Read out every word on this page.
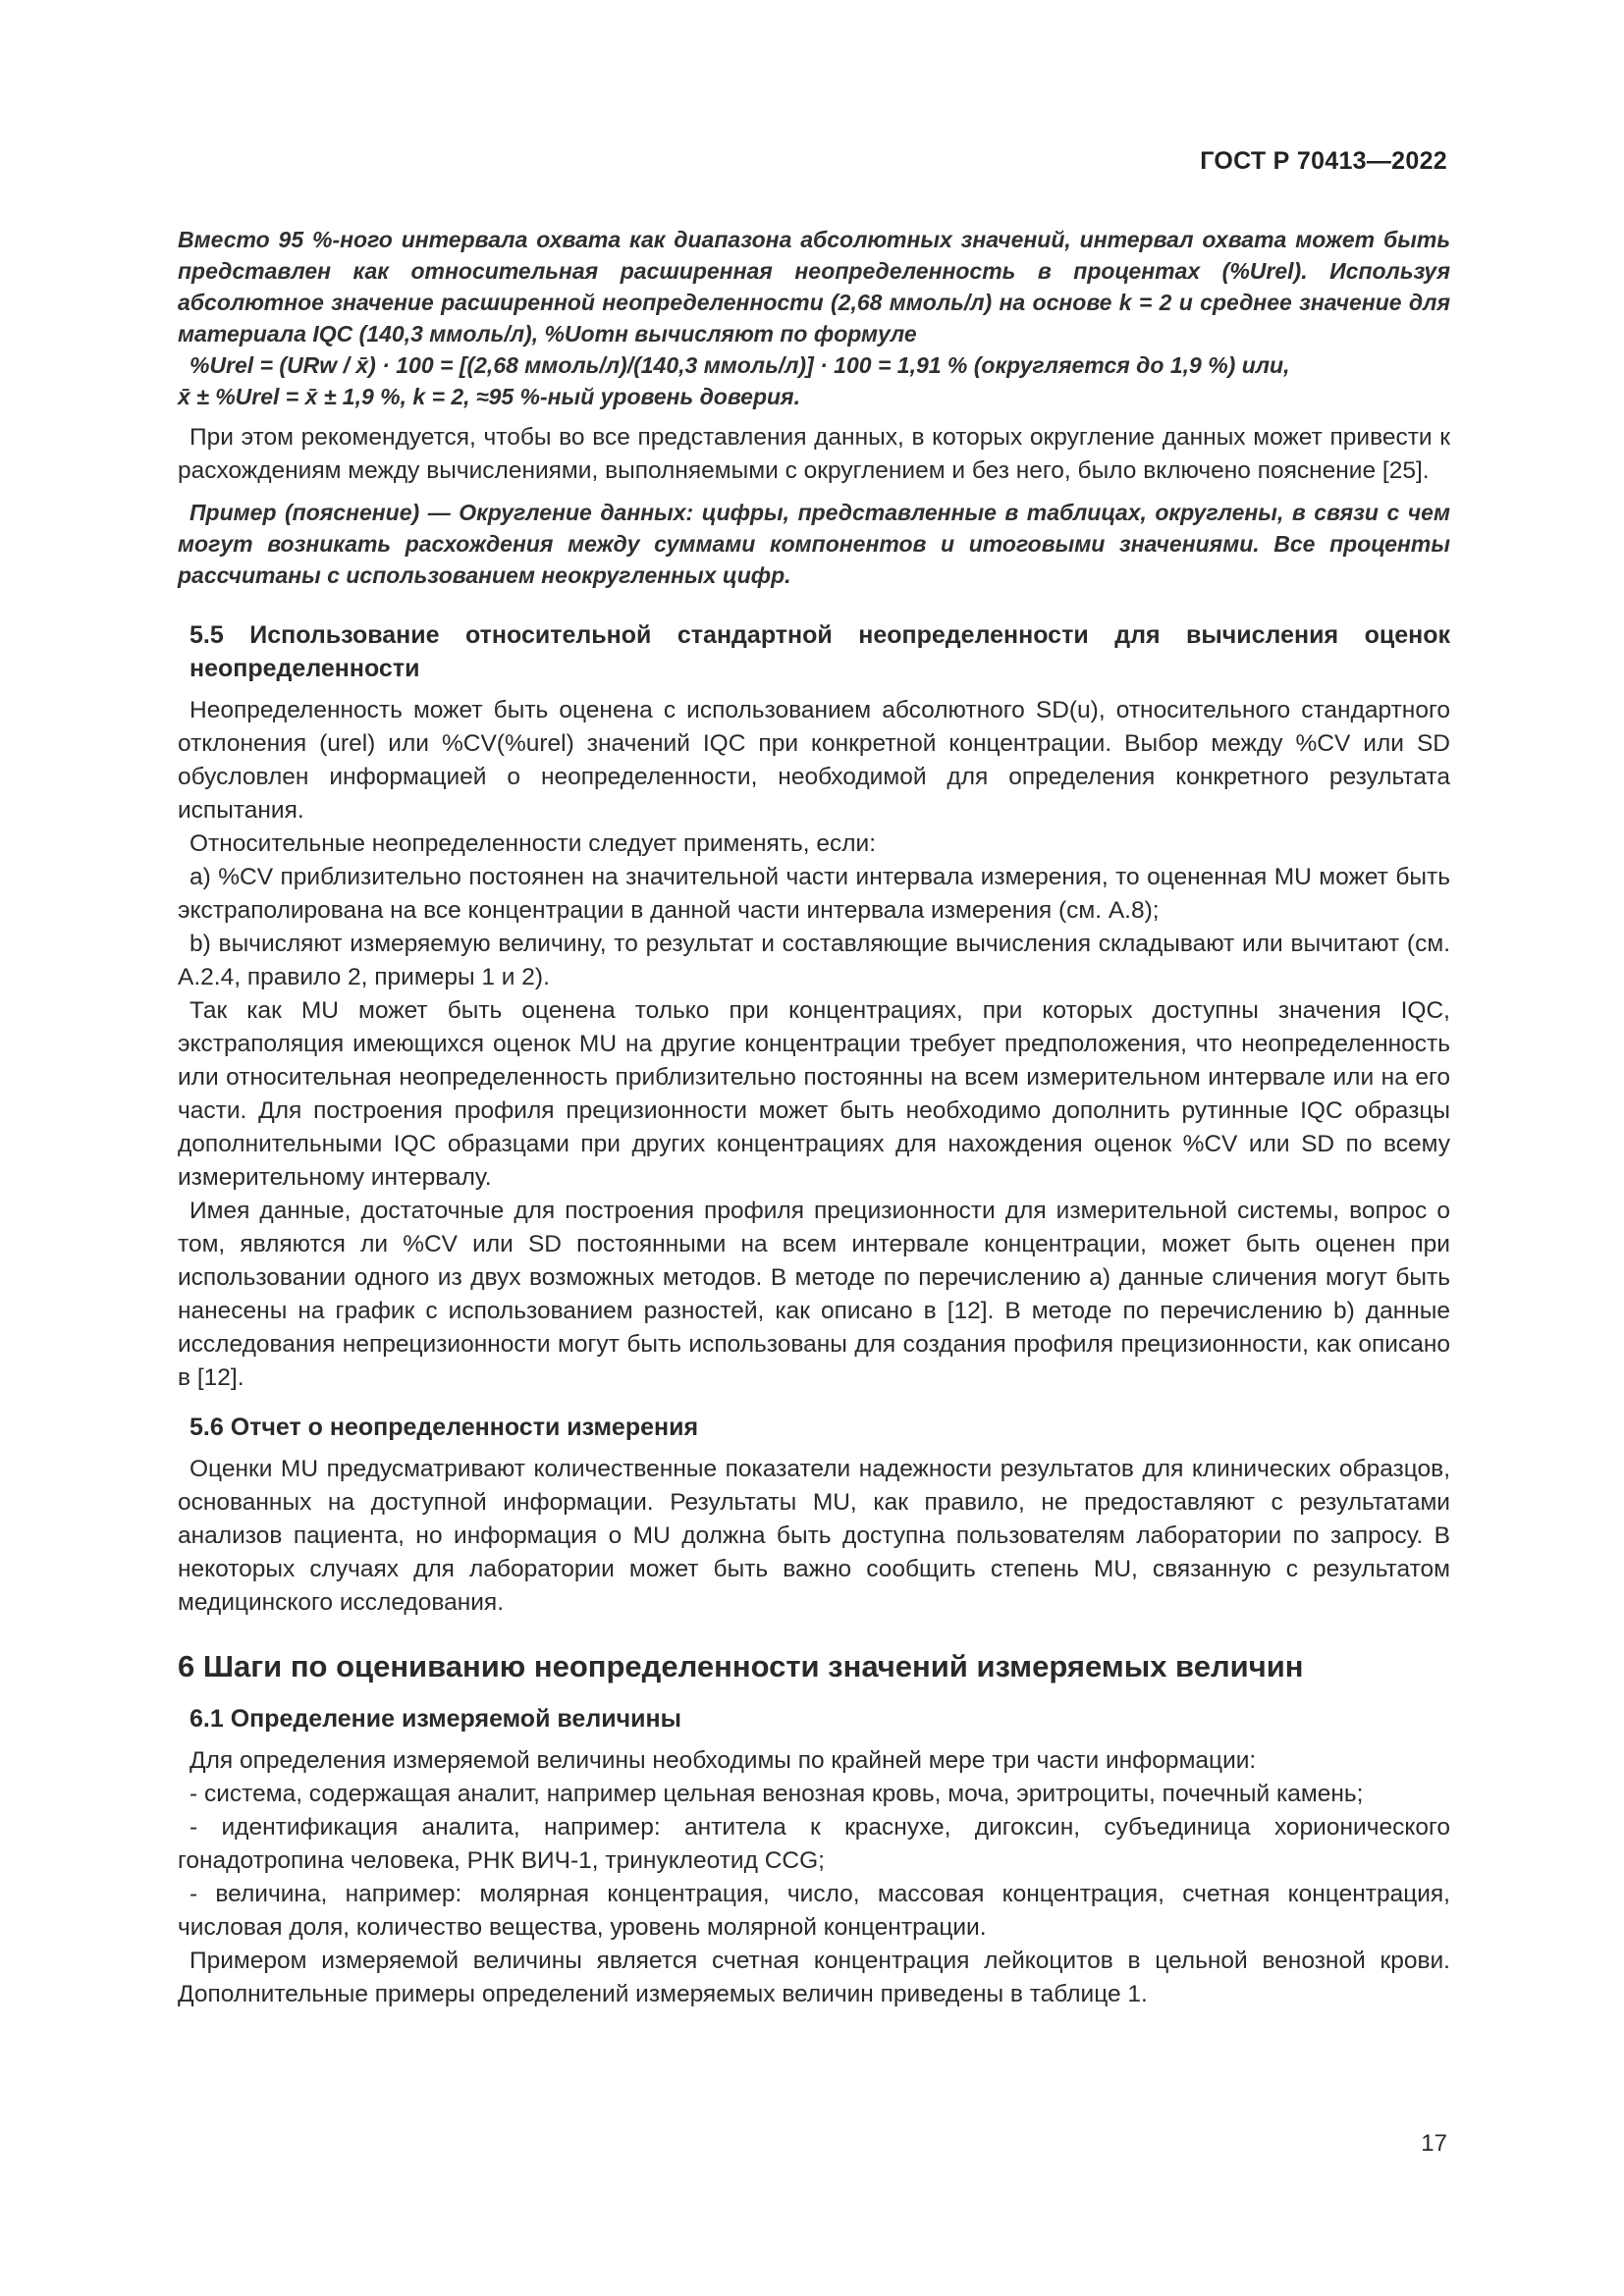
ГОСТ Р 70413—2022

Вместо 95 %-ного интервала охвата как диапазона абсолютных значений, интервал охвата может быть представлен как относительная расширенная неопределенность в процентах (%Urel). Используя абсолютное значение расширенной неопределенности (2,68 ммоль/л) на основе k = 2 и среднее значение для материала IQC (140,3 ммоль/л), %Uотн вычисляют по формуле

%Urel = (URw / x̄) · 100 = [(2,68 ммоль/л)/(140,3 ммоль/л)] · 100 = 1,91 % (округляется до 1,9 %) или,

x̄ ± %Urel = x̄ ± 1,9 %, k = 2, ≈95 %-ный уровень доверия.

При этом рекомендуется, чтобы во все представления данных, в которых округление данных может привести к расхождениям между вычислениями, выполняемыми с округлением и без него, было включено пояснение [25].

Пример (пояснение) — Округление данных: цифры, представленные в таблицах, округлены, в связи с чем могут возникать расхождения между суммами компонентов и итоговыми значениями. Все проценты рассчитаны с использованием неокругленных цифр.

5.5 Использование относительной стандартной неопределенности для вычисления оценок неопределенности

Неопределенность может быть оценена с использованием абсолютного SD(u), относительного стандартного отклонения (urel) или %CV(%urel) значений IQC при конкретной концентрации. Выбор между %CV или SD обусловлен информацией о неопределенности, необходимой для определения конкретного результата испытания.

Относительные неопределенности следует применять, если:

a) %CV приблизительно постоянен на значительной части интервала измерения, то оцененная MU может быть экстраполирована на все концентрации в данной части интервала измерения (см. А.8);

b) вычисляют измеряемую величину, то результат и составляющие вычисления складывают или вычитают (см. А.2.4, правило 2, примеры 1 и 2).

Так как MU может быть оценена только при концентрациях, при которых доступны значения IQC, экстраполяция имеющихся оценок MU на другие концентрации требует предположения, что неопределенность или относительная неопределенность приблизительно постоянны на всем измерительном интервале или на его части. Для построения профиля прецизионности может быть необходимо дополнить рутинные IQC образцы дополнительными IQC образцами при других концентрациях для нахождения оценок %CV или SD по всему измерительному интервалу.

Имея данные, достаточные для построения профиля прецизионности для измерительной системы, вопрос о том, являются ли %CV или SD постоянными на всем интервале концентрации, может быть оценен при использовании одного из двух возможных методов. В методе по перечислению а) данные сличения могут быть нанесены на график с использованием разностей, как описано в [12]. В методе по перечислению b) данные исследования непрецизионности могут быть использованы для создания профиля прецизионности, как описано в [12].

5.6 Отчет о неопределенности измерения

Оценки MU предусматривают количественные показатели надежности результатов для клинических образцов, основанных на доступной информации. Результаты MU, как правило, не предоставляют с результатами анализов пациента, но информация о MU должна быть доступна пользователям лаборатории по запросу. В некоторых случаях для лаборатории может быть важно сообщить степень MU, связанную с результатом медицинского исследования.

6 Шаги по оцениванию неопределенности значений измеряемых величин

6.1 Определение измеряемой величины

Для определения измеряемой величины необходимы по крайней мере три части информации:

- система, содержащая аналит, например цельная венозная кровь, моча, эритроциты, почечный камень;

- идентификация аналита, например: антитела к краснухе, дигоксин, субъединица хорионического гонадотропина человека, РНК ВИЧ-1, тринуклеотид CCG;

- величина, например: молярная концентрация, число, массовая концентрация, счетная концентрация, числовая доля, количество вещества, уровень молярной концентрации.

Примером измеряемой величины является счетная концентрация лейкоцитов в цельной венозной крови. Дополнительные примеры определений измеряемых величин приведены в таблице 1.

17
